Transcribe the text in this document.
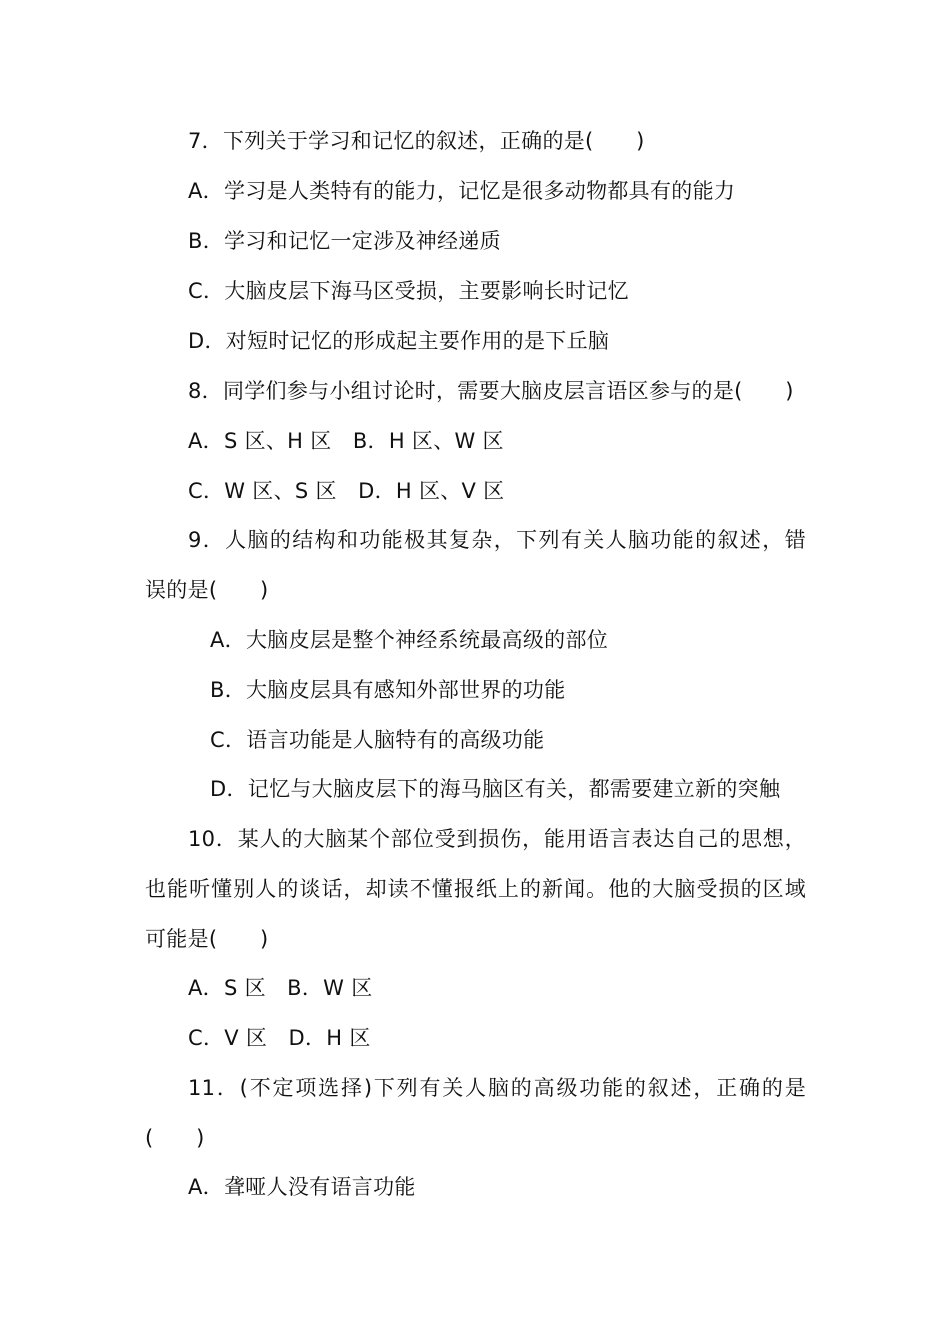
7．下列关于学习和记忆的叙述，正确的是(　　)
A．学习是人类特有的能力，记忆是很多动物都具有的能力
B．学习和记忆一定涉及神经递质
C．大脑皮层下海马区受损，主要影响长时记忆
D．对短时记忆的形成起主要作用的是下丘脑
8．同学们参与小组讨论时，需要大脑皮层言语区参与的是(　　)
A．S 区、H 区　B．H 区、W 区
C．W 区、S 区　D．H 区、V 区
9．人脑的结构和功能极其复杂，下列有关人脑功能的叙述，错
误的是(　　)
A．大脑皮层是整个神经系统最高级的部位
B．大脑皮层具有感知外部世界的功能
C．语言功能是人脑特有的高级功能
D．记忆与大脑皮层下的海马脑区有关，都需要建立新的突触
10．某人的大脑某个部位受到损伤，能用语言表达自己的思想，
也能听懂别人的谈话，却读不懂报纸上的新闻。他的大脑受损的区域
可能是(　　)
A．S 区　B．W 区
C．V 区　D．H 区
11．(不定项选择)下列有关人脑的高级功能的叙述，正确的是
(　　)
A．聋哑人没有语言功能
